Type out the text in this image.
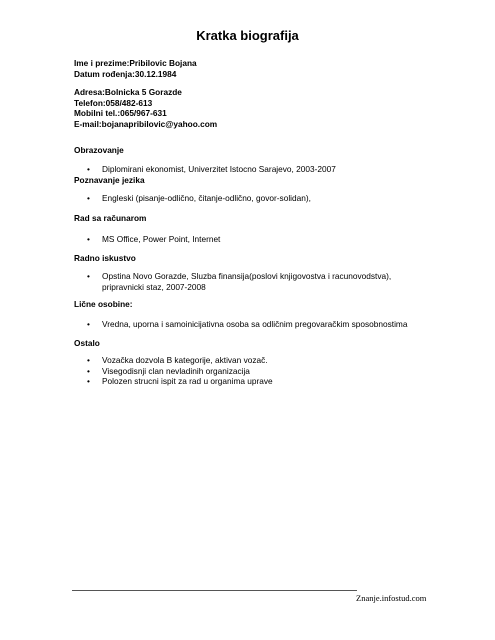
Kratka biografija
Ime i prezime:Pribilovic Bojana
Datum rođenja:30.12.1984
Adresa:Bolnicka 5 Gorazde
Telefon:058/482-613
Mobilni tel.:065/967-631
E-mail:bojanapribilovic@yahoo.com
Obrazovanje
• Diplomirani ekonomist, Univerzitet Istocno Sarajevo, 2003-2007
Poznavanje jezika
• Engleski (pisanje-odlično, čitanje-odlično, govor-solidan),
Rad sa računarom
• MS Office, Power Point, Internet
Radno iskustvo
• Opstina Novo Gorazde, Sluzba finansija(poslovi knjigovostva i racunovodstva), pripravnicki staz, 2007-2008
Lične osobine:
• Vredna, uporna i samoinicijativna osoba sa odličnim pregovaračkim sposobnostima
Ostalo
• Vozačka dozvola B kategorije, aktivan vozač.
• Visegodisnji clan nevladinih organizacija
• Polozen strucni ispit za rad u organima uprave
Znanje.infostud.com
